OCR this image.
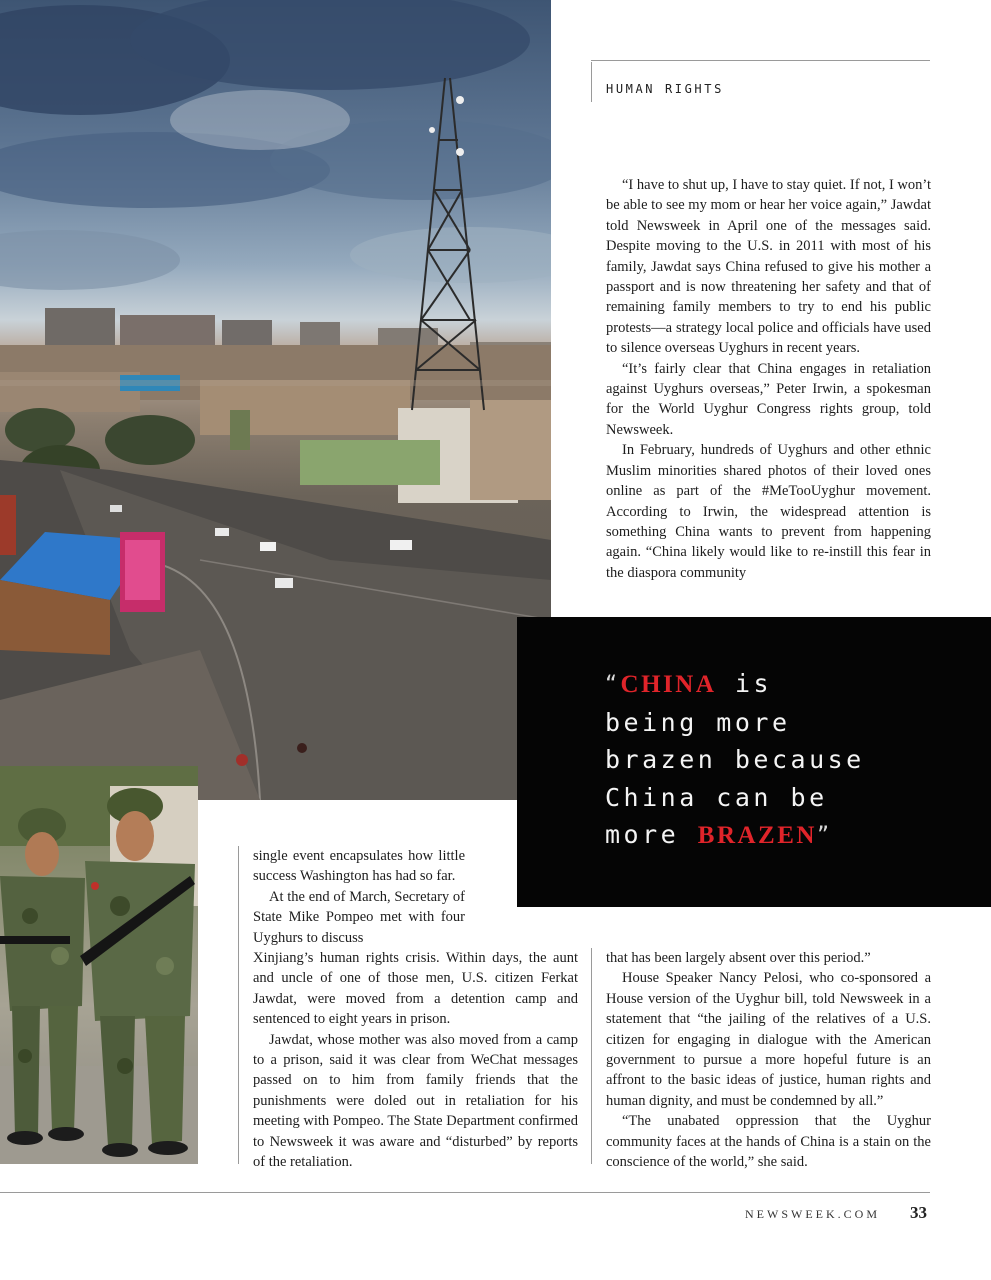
HUMAN RIGHTS

“I have to shut up, I have to stay quiet. If not, I won’t be able to see my mom or hear her voice again,” Jawdat told Newsweek in April one of the messages said. Despite moving to the U.S. in 2011 with most of his family, Jawdat says China refused to give his mother a passport and is now threatening her safety and that of remaining family members to try to end his public protests—a strategy local police and officials have used to silence overseas Uyghurs in recent years.

“It’s fairly clear that China engages in retaliation against Uyghurs overseas,” Peter Irwin, a spokesman for the World Uyghur Congress rights group, told Newsweek.

In February, hundreds of Uyghurs and other ethnic Muslim minorities shared photos of their loved ones online as part of the #MeTooUyghur movement. According to Irwin, the widespread attention is something China wants to prevent from happening again. “China likely would like to re-instill this fear in the diaspora community

“CHINA is
being more
brazen because
China can be
more BRAZEN”

single event encapsulates how little success Washington has had so far.

At the end of March, Secretary of State Mike Pompeo met with four Uyghurs to discuss

Xinjiang’s human rights crisis. Within days, the aunt and uncle of one of those men, U.S. citizen Ferkat Jawdat, were moved from a detention camp and sentenced to eight years in prison.

Jawdat, whose mother was also moved from a camp to a prison, said it was clear from WeChat messages passed on to him from family friends that the punishments were doled out in retaliation for his meeting with Pompeo. The State Department confirmed to Newsweek it was aware and “disturbed” by reports of the retaliation.

that has been largely absent over this period.”

House Speaker Nancy Pelosi, who co-sponsored a House version of the Uyghur bill, told Newsweek in a statement that “the jailing of the relatives of a U.S. citizen for engaging in dialogue with the American government to pursue a more hopeful future is an affront to the basic ideas of justice, human rights and human dignity, and must be condemned by all.”

“The unabated oppression that the Uyghur community faces at the hands of China is a stain on the conscience of the world,” she said.

NEWSWEEK.COM 33
